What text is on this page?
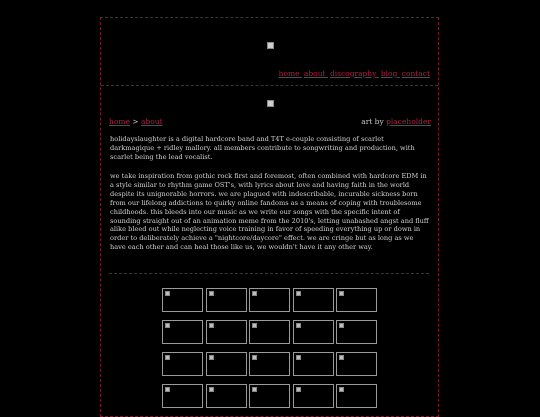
home about discography blog contact
home > about	art by placeholder
holidayslaughter is a digital hardcore band and T4T e-couple consisting of scarlet darkmagique + ridley mallory. all members contribute to songwriting and production, with scarlet being the lead vocalist.
we take inspiration from gothic rock first and foremost, often combined with hardcore EDM in a style similar to rhythm game OST's, with lyrics about love and having faith in the world despite its unignorable horrors. we are plagued with indescribable, incurable sickness born from our lifelong addictions to quirky online fandoms as a means of coping with troublesome childhoods. this bleeds into our music as we write our songs with the specific intent of sounding straight out of an animation meme from the 2010's, letting unabashed angst and fluff alike bleed out while neglecting voice training in favor of speeding everything up or down in order to deliberately achieve a "nightcore/daycore" effect. we are cringe but as long as we have each other and can heal those like us, we wouldn't have it any other way.
